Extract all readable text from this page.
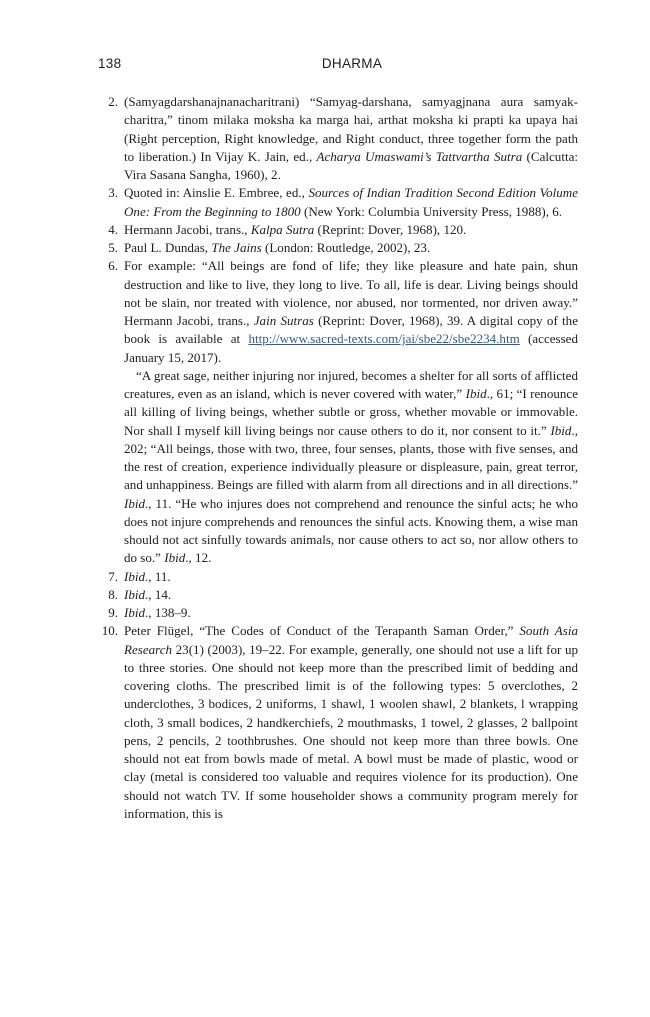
138	DHARMA
2. (Samyagdarshanajnanacharitrani) “Samyag-darshana, samyagjnana aura samyak-charitra,” tinom milaka moksha ka marga hai, arthat moksha ki prapti ka upaya hai (Right perception, Right knowledge, and Right conduct, three together form the path to liberation.) In Vijay K. Jain, ed., Acharya Umaswami’s Tattvartha Sutra (Calcutta: Vira Sasana Sangha, 1960), 2.

3. Quoted in: Ainslie E. Embree, ed., Sources of Indian Tradition Second Edition Volume One: From the Beginning to 1800 (New York: Columbia University Press, 1988), 6.

4. Hermann Jacobi, trans., Kalpa Sutra (Reprint: Dover, 1968), 120.

5. Paul L. Dundas, The Jains (London: Routledge, 2002), 23.

6. For example: “All beings are fond of life; they like pleasure and hate pain, shun destruction and like to live, they long to live. To all, life is dear. Living beings should not be slain, nor treated with violence, nor abused, nor tormented, nor driven away.” Hermann Jacobi, trans., Jain Sutras (Reprint: Dover, 1968), 39. A digital copy of the book is available at http://www.sacred-texts.com/jai/sbe22/sbe2234.htm (accessed January 15, 2017).

“A great sage, neither injuring nor injured, becomes a shelter for all sorts of afflicted creatures, even as an island, which is never covered with water,” Ibid., 61; “I renounce all killing of living beings, whether subtle or gross, whether movable or immovable. Nor shall I myself kill living beings nor cause others to do it, nor consent to it.” Ibid., 202; “All beings, those with two, three, four senses, plants, those with five senses, and the rest of creation, experience individually pleasure or displeasure, pain, great terror, and unhappiness. Beings are filled with alarm from all directions and in all directions.” Ibid., 11. “He who injures does not comprehend and renounce the sinful acts; he who does not injure comprehends and renounces the sinful acts. Knowing them, a wise man should not act sinfully towards animals, nor cause others to act so, nor allow others to do so.” Ibid., 12.

7. Ibid., 11.

8. Ibid., 14.

9. Ibid., 138–9.

10. Peter Flügel, “The Codes of Conduct of the Terapanth Saman Order,” South Asia Research 23(1) (2003), 19–22. For example, generally, one should not use a lift for up to three stories. One should not keep more than the prescribed limit of bedding and covering cloths. The prescribed limit is of the following types: 5 overclothes, 2 underclothes, 3 bodices, 2 uniforms, 1 shawl, 1 woolen shawl, 2 blankets, l wrapping cloth, 3 small bodices, 2 handkerchiefs, 2 mouthmasks, 1 towel, 2 glasses, 2 ballpoint pens, 2 pencils, 2 toothbrushes. One should not keep more than three bowls. One should not eat from bowls made of metal. A bowl must be made of plastic, wood or clay (metal is considered too valuable and requires violence for its production). One should not watch TV. If some householder shows a community program merely for information, this is
